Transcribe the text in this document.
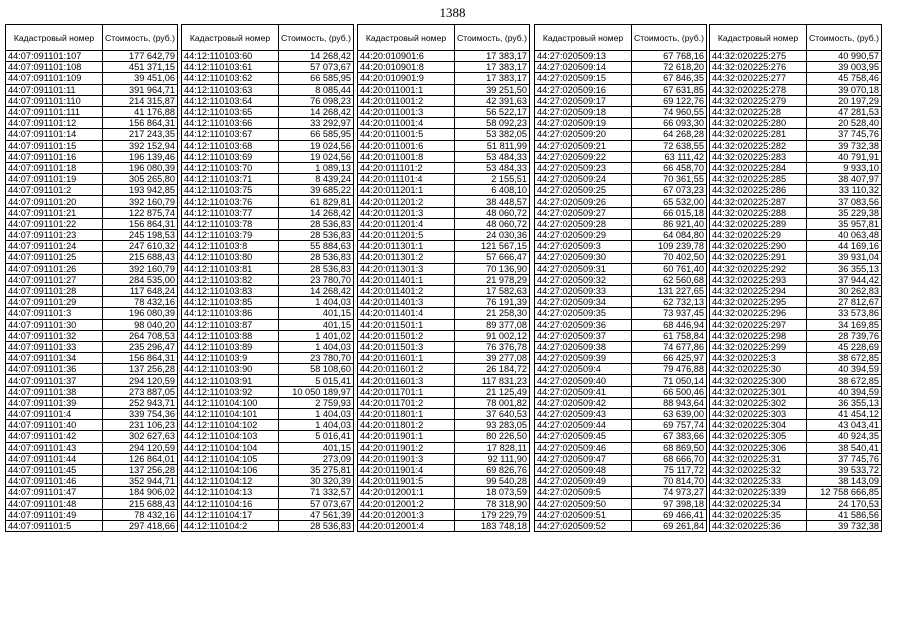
1388
Кадастровый номер	Стоимость, (руб.)
44:07:091101:107	177 642,79
44:07:091101:108	451 371,15
44:07:091101:109	39 451,06
44:07:091101:11	391 964,71
44:07:091101:110	214 315,87
44:07:091101:111	41 176,88
44:07:091101:12	156 864,31
44:07:091101:14	217 243,35
44:07:091101:15	392 152,94
44:07:091101:16	196 139,46
44:07:091101:18	196 080,39
44:07:091101:19	305 265,80
44:07:091101:2	193 942,85
44:07:091101:20	392 160,79
44:07:091101:21	122 875,74
44:07:091101:22	156 864,31
44:07:091101:23	245 198,53
44:07:091101:24	247 610,32
44:07:091101:25	215 688,43
44:07:091101:26	392 160,79
44:07:091101:27	284 535,00
44:07:091101:28	117 648,24
44:07:091101:29	78 432,16
44:07:091101:3	196 080,39
44:07:091101:30	98 040,20
44:07:091101:32	264 708,53
44:07:091101:33	235 296,47
44:07:091101:34	156 864,31
44:07:091101:36	137 256,28
44:07:091101:37	294 120,59
44:07:091101:38	273 887,05
44:07:091101:39	252 943,71
44:07:091101:4	339 754,36
44:07:091101:40	231 106,23
44:07:091101:42	302 627,63
44:07:091101:43	294 120,59
44:07:091101:44	126 864,01
44:07:091101:45	137 256,28
44:07:091101:46	352 944,71
44:07:091101:47	184 906,02
44:07:091101:48	215 688,43
44:07:091101:49	78 432,16
44:07:091101:5	297 418,66
Кадастровый номер	Стоимость, (руб.)
44:12:110103:60	14 268,42
44:12:110103:61	57 073,67
44:12:110103:62	66 585,95
44:12:110103:63	8 085,44
44:12:110103:64	76 098,23
44:12:110103:65	14 268,42
44:12:110103:66	33 292,97
44:12:110103:67	66 585,95
44:12:110103:68	19 024,56
44:12:110103:69	19 024,56
44:12:110103:70	1 089,13
44:12:110103:71	8 439,24
44:12:110103:75	39 685,22
44:12:110103:76	61 829,81
44:12:110103:77	14 268,42
44:12:110103:78	28 536,83
44:12:110103:79	28 536,83
44:12:110103:8	55 884,63
44:12:110103:80	28 536,83
44:12:110103:81	28 536,83
44:12:110103:82	23 780,70
44:12:110103:83	14 268,42
44:12:110103:85	1 404,03
44:12:110103:86	401,15
44:12:110103:87	401,15
44:12:110103:88	1 401,02
44:12:110103:89	1 404,03
44:12:110103:9	23 780,70
44:12:110103:90	58 108,60
44:12:110103:91	5 015,41
44:12:110103:92	10 050 189,97
44:12:110104:100	2 759,93
44:12:110104:101	1 404,03
44:12:110104:102	1 404,03
44:12:110104:103	5 016,41
44:12:110104:104	401,15
44:12:110104:105	273,09
44:12:110104:106	35 275,81
44:12:110104:12	30 320,39
44:12:110104:13	71 332,57
44:12:110104:16	57 073,67
44:12:110104:17	47 561,39
44:12:110104:2	28 536,83
Кадастровый номер	Стоимость, (руб.)
44:20:010901:6	17 383,17
44:20:010901:8	17 383,17
44:20:010901:9	17 383,17
44:20:011001:1	39 251,50
44:20:011001:2	42 391,63
44:20:011001:3	56 522,17
44:20:011001:4	58 092,23
44:20:011001:5	53 382,05
44:20:011001:6	51 811,99
44:20:011001:8	53 484,33
44:20:011101:2	53 484,33
44:20:011101:4	2 155,51
44:20:011201:1	6 408,10
44:20:011201:2	38 448,57
44:20:011201:3	48 060,72
44:20:011201:4	48 060,72
44:20:011201:5	24 030,36
44:20:011301:1	121 567,15
44:20:011301:2	57 666,47
44:20:011301:3	70 136,90
44:20:011401:1	21 978,29
44:20:011401:2	17 582,63
44:20:011401:3	76 191,39
44:20:011401:4	21 258,30
44:20:011501:1	89 377,08
44:20:011501:2	91 002,12
44:20:011501:3	76 376,78
44:20:011601:1	39 277,08
44:20:011601:2	26 184,72
44:20:011601:3	117 831,23
44:20:011701:1	21 125,49
44:20:011701:2	78 001,82
44:20:011801:1	37 640,53
44:20:011801:2	93 283,05
44:20:011901:1	80 226,50
44:20:011901:2	17 828,11
44:20:011901:3	92 111,90
44:20:011901:4	69 826,76
44:20:011901:5	99 540,28
44:20:012001:1	18 073,59
44:20:012001:2	78 318,90
44:20:012001:3	179 229,79
44:20:012001:4	183 748,18
Кадастровый номер	Стоимость, (руб.)
44:27:020509:13	67 768,16
44:27:020509:14	72 618,20
44:27:020509:15	67 846,35
44:27:020509:16	67 631,85
44:27:020509:17	69 122,76
44:27:020509:18	74 960,55
44:27:020509:19	66 093,30
44:27:020509:20	64 268,28
44:27:020509:21	72 638,55
44:27:020509:22	63 111,42
44:27:020509:23	66 458,70
44:27:020509:24	70 361,55
44:27:020509:25	67 073,23
44:27:020509:26	65 532,00
44:27:020509:27	66 015,18
44:27:020509:28	86 921,40
44:27:020509:29	64 084,80
44:27:020509:3	109 239,78
44:27:020509:30	70 402,50
44:27:020509:31	60 761,40
44:27:020509:32	62 560,68
44:27:020509:33	131 227,65
44:27:020509:34	62 732,13
44:27:020509:35	73 937,45
44:27:020509:36	68 446,94
44:27:020509:37	61 758,84
44:27:020509:38	74 677,86
44:27:020509:39	66 425,97
44:27:020509:4	79 476,88
44:27:020509:40	71 050,14
44:27:020509:41	66 500,46
44:27:020509:42	88 943,64
44:27:020509:43	63 639,00
44:27:020509:44	69 757,74
44:27:020509:45	67 383,66
44:27:020509:46	68 869,50
44:27:020509:47	68 666,70
44:27:020509:48	75 117,72
44:27:020509:49	70 814,70
44:27:020509:5	74 973,27
44:27:020509:50	97 398,18
44:27:020509:51	69 466,41
44:27:020509:52	69 261,84
Кадастровый номер	Стоимость, (руб.)
44:32:020225:275	40 990,57
44:32:020225:276	39 003,95
44:32:020225:277	45 758,46
44:32:020225:278	39 070,18
44:32:020225:279	20 197,29
44:32:020225:28	47 281,53
44:32:020225:280	20 528,40
44:32:020225:281	37 745,76
44:32:020225:282	39 732,38
44:32:020225:283	40 791,91
44:32:020225:284	9 933,10
44:32:020225:285	38 407,97
44:32:020225:286	33 110,32
44:32:020225:287	37 083,56
44:32:020225:288	35 229,38
44:32:020225:289	35 957,81
44:32:020225:29	40 063,48
44:32:020225:290	44 169,16
44:32:020225:291	39 931,04
44:32:020225:292	36 355,13
44:32:020225:293	37 944,42
44:32:020225:294	30 262,83
44:32:020225:295	27 812,67
44:32:020225:296	33 573,86
44:32:020225:297	34 169,85
44:32:020225:298	28 739,76
44:32:020225:299	45 228,69
44:32:020225:3	38 672,85
44:32:020225:30	40 394,59
44:32:020225:300	38 672,85
44:32:020225:301	40 394,59
44:32:020225:302	36 355,13
44:32:020225:303	41 454,12
44:32:020225:304	43 043,41
44:32:020225:305	40 924,35
44:32:020225:306	38 540,41
44:32:020225:31	37 745,76
44:32:020225:32	39 533,72
44:32:020225:33	38 143,09
44:32:020225:339	12 758 666,85
44:32:020225:34	24 170,53
44:32:020225:35	41 586,56
44:32:020225:36	39 732,38
